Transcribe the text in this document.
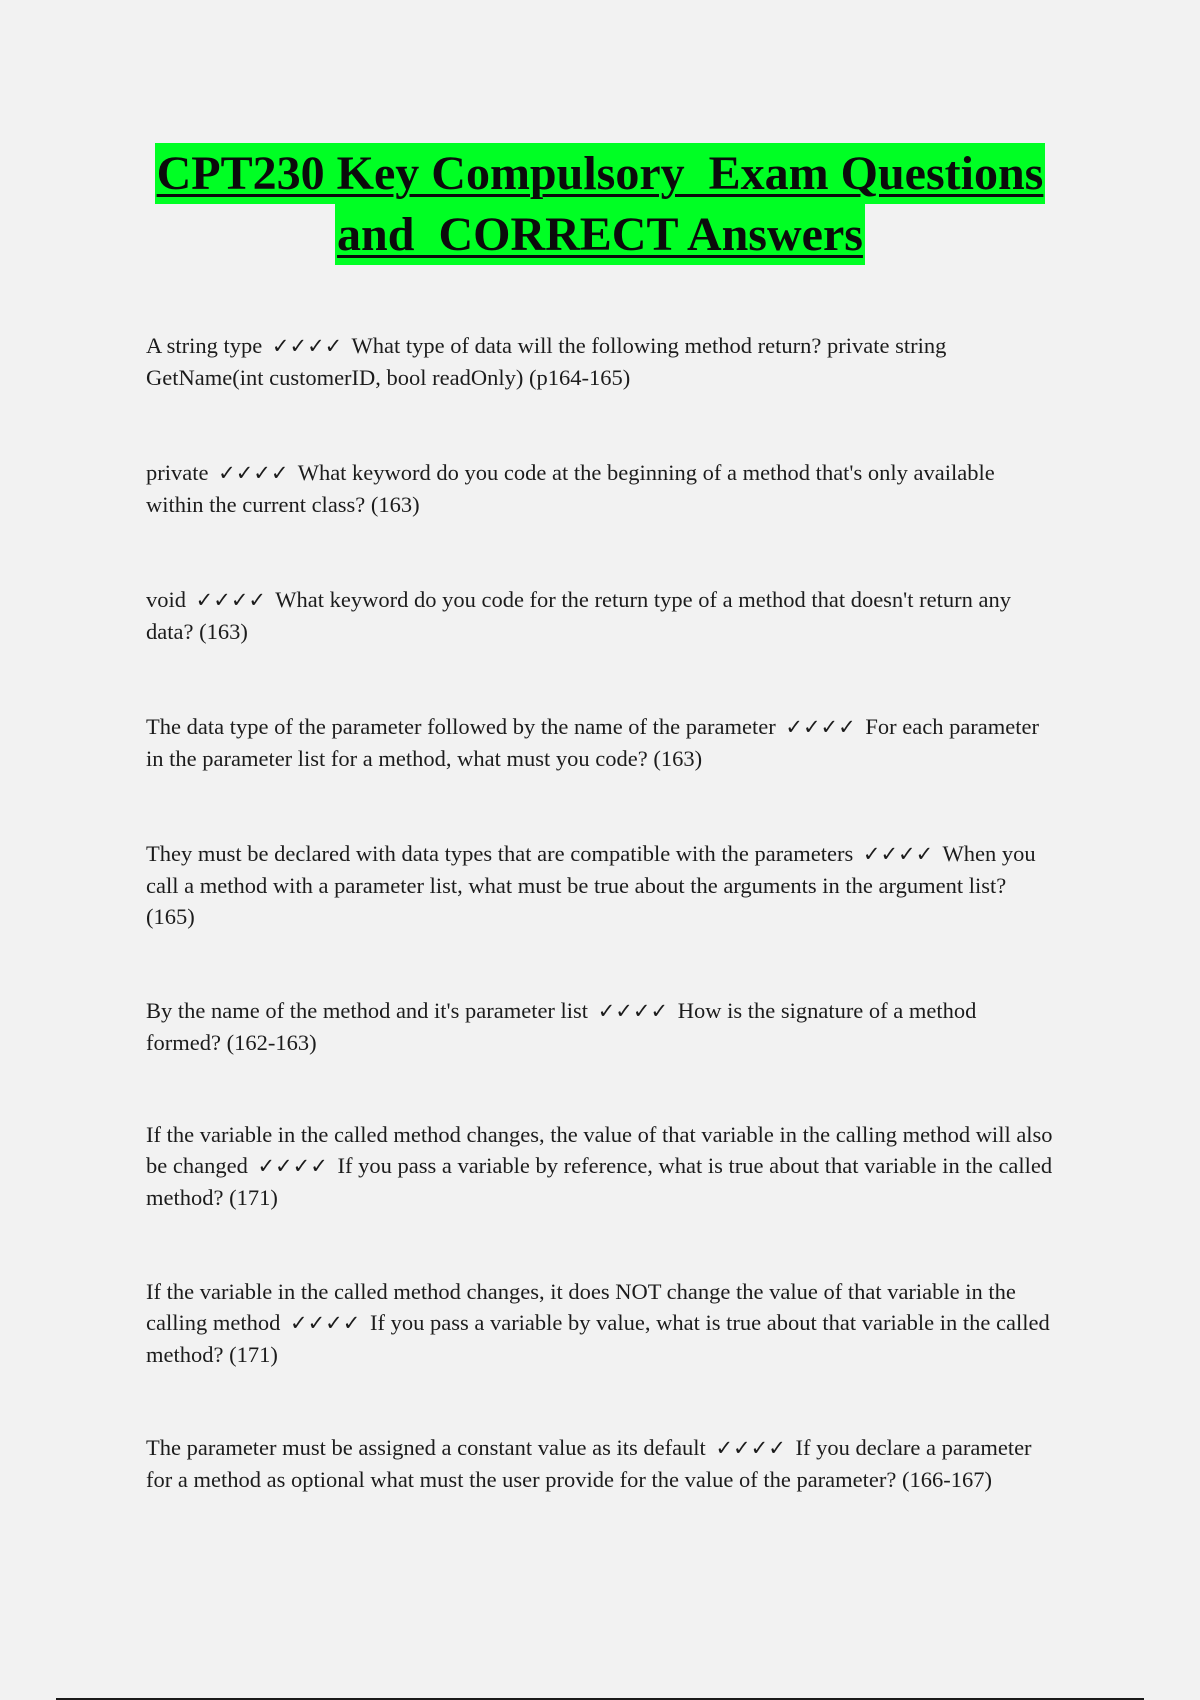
CPT230 Key Compulsory  Exam Questions
and  CORRECT Answers
A string type ✓✓✓✓ What type of data will the following method return? private string GetName(int customerID, bool readOnly) (p164-165)
private ✓✓✓✓ What keyword do you code at the beginning of a method that's only available within the current class? (163)
void ✓✓✓✓ What keyword do you code for the return type of a method that doesn't return any data? (163)
The data type of the parameter followed by the name of the parameter ✓✓✓✓ For each parameter in the parameter list for a method, what must you code? (163)
They must be declared with data types that are compatible with the parameters ✓✓✓✓ When you call a method with a parameter list, what must be true about the arguments in the argument list? (165)
By the name of the method and it's parameter list ✓✓✓✓ How is the signature of a method formed? (162-163)
If the variable in the called method changes, the value of that variable in the calling method will also be changed ✓✓✓✓ If you pass a variable by reference, what is true about that variable in the called method? (171)
If the variable in the called method changes, it does NOT change the value of that variable in the calling method ✓✓✓✓ If you pass a variable by value, what is true about that variable in the called method? (171)
The parameter must be assigned a constant value as its default ✓✓✓✓ If you declare a parameter for a method as optional what must the user provide for the value of the parameter? (166-167)
